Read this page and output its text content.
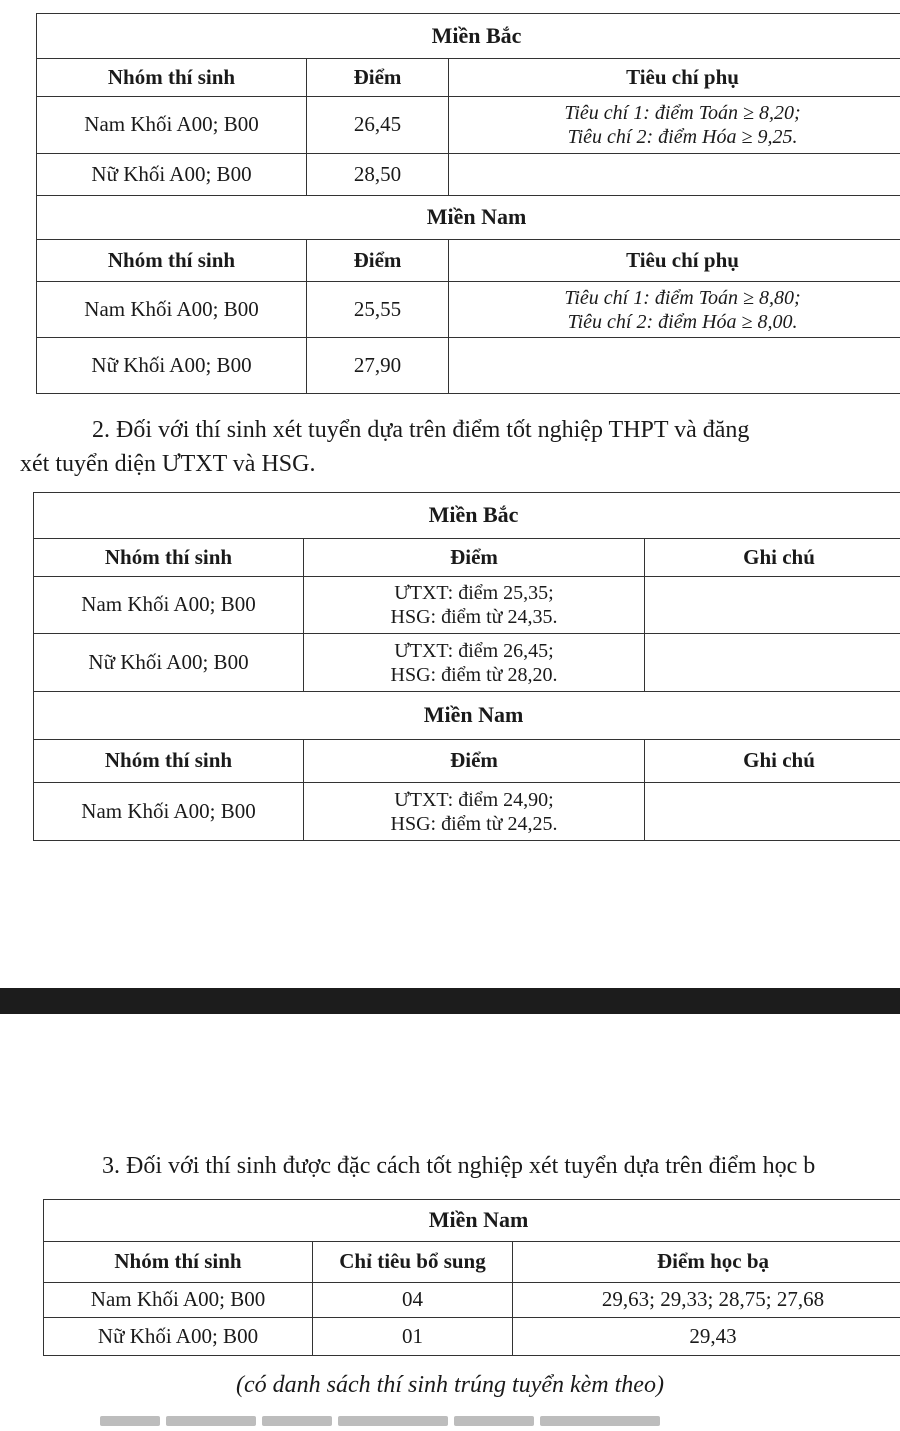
Miền Bắc		
Nhóm thí sinh	Điểm	Tiêu chí phụ
Nam Khối A00; B00	26,45	Tiêu chí 1: điểm Toán ≥ 8,20;
Tiêu chí 2: điểm Hóa ≥ 9,25.

Nữ Khối A00; B00	28,50	
Miền Nam		
Nhóm thí sinh	Điểm	Tiêu chí phụ
Nam Khối A00; B00	25,55	Tiêu chí 1: điểm Toán ≥ 8,80;
Tiêu chí 2: điểm Hóa ≥ 8,00.

Nữ Khối A00; B00	27,90	
2. Đối với thí sinh xét tuyển dựa trên điểm tốt nghiệp THPT và đăng
xét tuyển diện ƯTXT và HSG.
Miền Bắc		
Nhóm thí sinh	Điểm	Ghi chú
Nam Khối A00; B00	ƯTXT: điểm 25,35;
HSG: điểm từ 24,35.	

Nữ Khối A00; B00	ƯTXT: điểm 26,45;
HSG: điểm từ 28,20.	

Miền Nam		
Nhóm thí sinh	Điểm	Ghi chú
Nam Khối A00; B00	ƯTXT: điểm 24,90;
HSG: điểm từ 24,25.	

3. Đối với thí sinh được đặc cách tốt nghiệp xét tuyển dựa trên điểm học b
Miền Nam		
Nhóm thí sinh	Chỉ tiêu bổ sung	Điểm học bạ
Nam Khối A00; B00	04	29,63; 29,33; 28,75; 27,68
Nữ Khối A00; B00	01	29,43
(có danh sách thí sinh trúng tuyển kèm theo)
